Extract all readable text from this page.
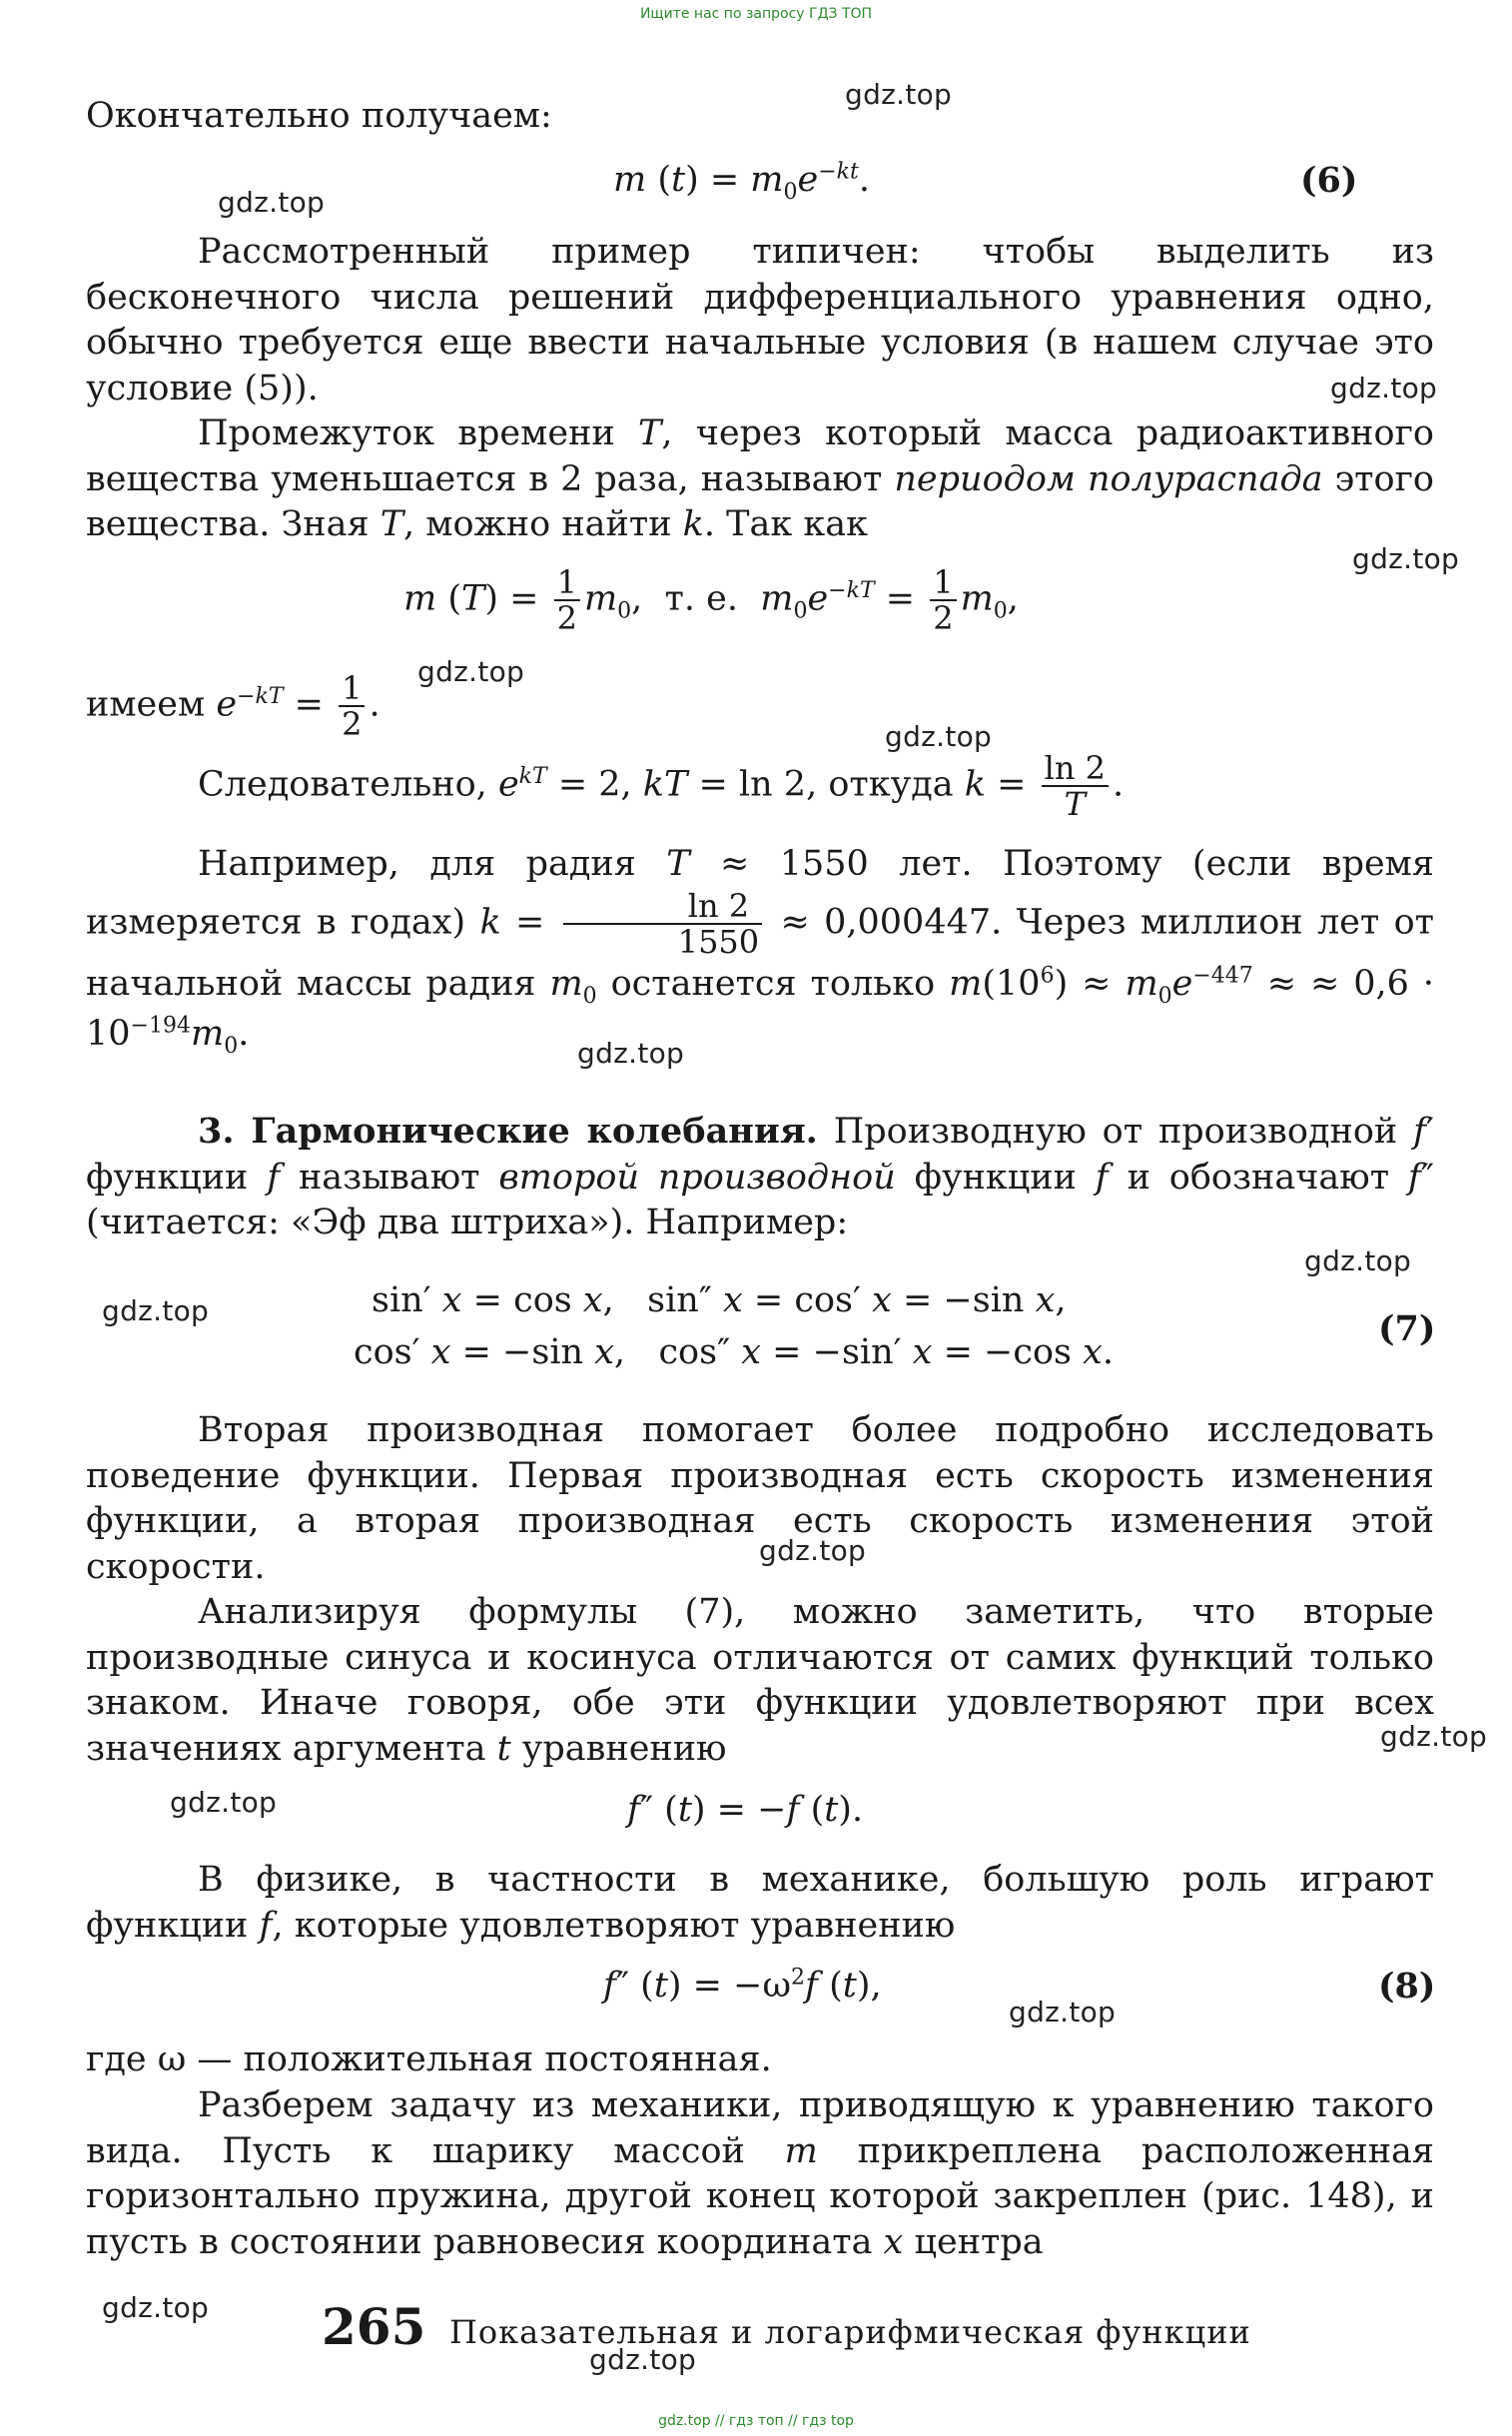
Ищите нас по запросу ГДЗ ТОП
gdz.top
gdz.top
gdz.top
gdz.top
gdz.top
gdz.top
gdz.top
gdz.top
gdz.top
gdz.top
gdz.top
gdz.top
gdz.top
gdz.top
gdz.top

Окончательно получаем:

m $(t) = m_0e^{-kt}$.	(6)

Рассмотренный пример типичен: чтобы выделить из бесконечного числа решений дифференциального уравнения одно, обычно требуется еще ввести начальные условия (в нашем случае это условие (5)).

Промежуток времени T, через который масса радиоактивного вещества уменьшается в 2 раза, называют периодом полураспада этого вещества. Зная T, можно найти k. Так как

m $(T) = \frac{1}{2} m_0$,  т. е. $m_0e^{-kT} = \frac{1}{2} m_0$,
имеем $e^{-kT} = \frac{1}{2}$ .
Следовательно, $e^{kT} = 2$, kT = ln 2, откуда $k = \frac{\ln 2}{T}$ .

Например, для радия T ≈ 1550 лет. Поэтому (если время измеряется в годах) $k = \frac{\ln 2}{1550} \approx 0,000447$. Через миллион лет от начальной массы радия $m_0$ останется только $m(10^6) \approx m_0e^{-447}$ ≈ ≈ $0,6 \cdot 10^{-194}m_0$.

3. Гармонические колебания. Производную от производной f′ функции f называют второй производной функции f и обозначают f″ (читается: «Эф два штриха»). Например:

sin′ x = cos x,   sin″ x = cos′ x = −sin x,
cos′ x = −sin x,   cos″ x = −sin′ x = −cos x.
(7)

Вторая производная помогает более подробно исследовать поведение функции. Первая производная есть скорость изменения функции, а вторая производная есть скорость изменения этой скорости.

Анализируя формулы (7), можно заметить, что вторые производные синуса и косинуса отличаются от самих функций только знаком. Иначе говоря, обе эти функции удовлетворяют при всех значениях аргумента t уравнению

f″ (t) = −f (t).

В физике, в частности в механике, большую роль играют функции f, которые удовлетворяют уравнению

f″ $(t) = -\omega^2f$ (t),	(8)

где ω — положительная постоянная.

Разберем задачу из механики, приводящую к уравнению такого вида. Пусть к шарику массой m прикреплена расположенная горизонтально пружина, другой конец которой закреплен (рис. 148), и пусть в состоянии равновесия координата x центра

265 Показательная и логарифмическая функции
gdz.top // гдз топ // гдз top
